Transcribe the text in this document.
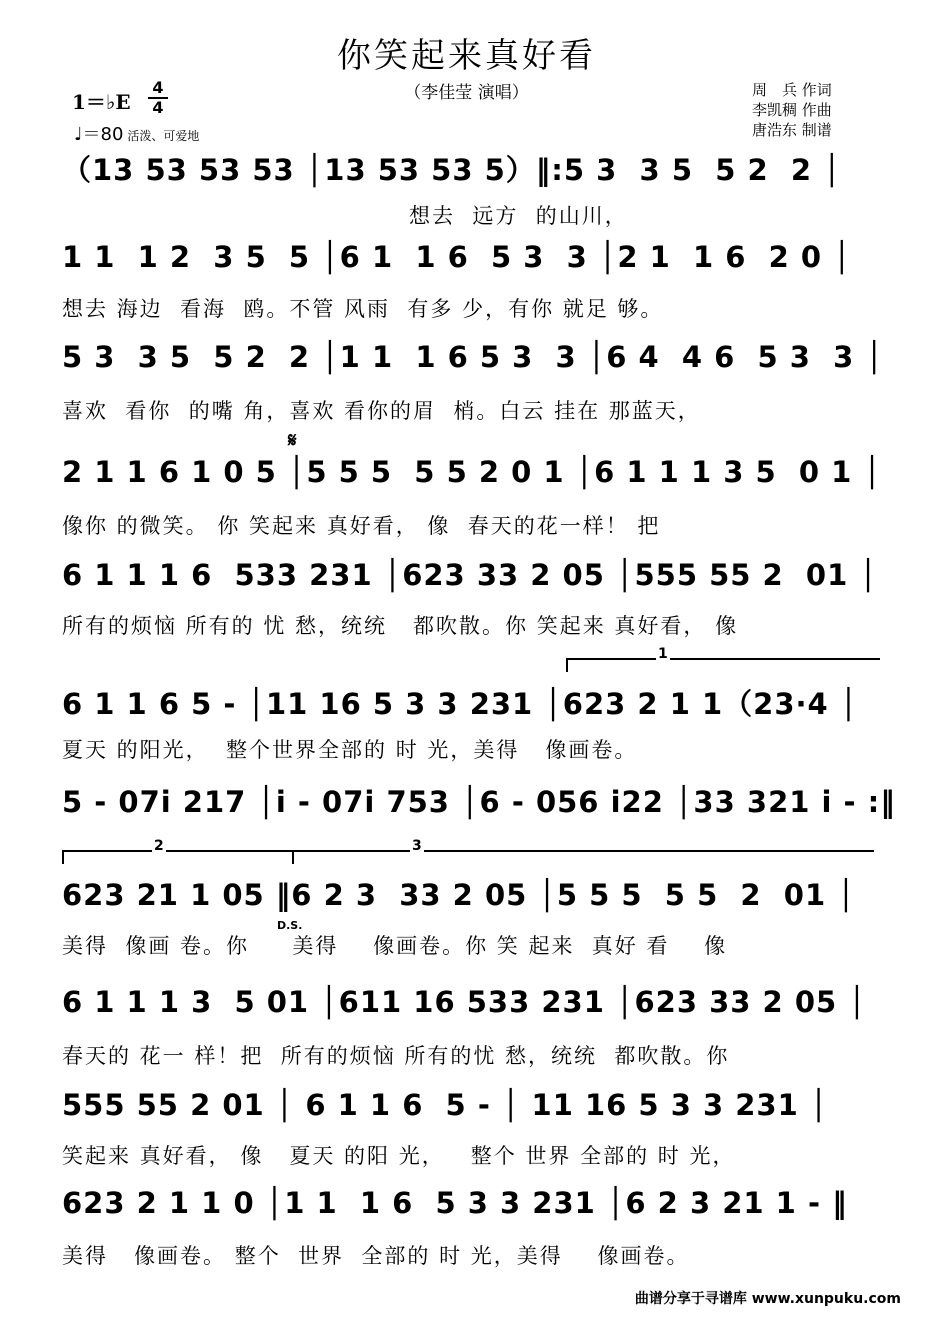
你笑起来真好看
（李佳莹 演唱）
1＝♭E
4
4
♩＝80 活泼、可爱地
周　兵 作词
李凯稠 作曲
唐浩东 制谱
（13 53 53 53 │13 53 53 5）‖:5 3  3 5  5 2  2 │
想去  远方  的山川，
1 1  1 2  3 5  5 │6 1  1 6  5 3  3 │2 1  1 6  2 0 │
想去 海边  看海  鸥。不管 风雨  有多 少，有你 就足 够。
5 3  3 5  5 2  2 │1 1  1 6 5 3  3 │6 4  4 6  5 3  3 │
喜欢  看你  的嘴 角，喜欢 看你的眉  梢。白云 挂在 那蓝天，
𝄋
2 1 1 6 1 0 5 │5 5 5  5 5 2 0 1 │6 1 1 1 3 5  0 1 │
像你 的微笑。 你 笑起来 真好看， 像  春天的花一样！ 把
6 1 1 1 6  533 231 │623 33 2 05 │555 55 2  01 │
所有的烦恼 所有的 忧 愁，统统   都吹散。你 笑起来 真好看， 像
1
6 1 1 6 5 - │11 16 5 3 3 231 │623 2 1 1（23·4 │
夏天 的阳光，  整个世界全部的 时 光，美得   像画卷。
5 - 07i 217 │i - 07i 753 │6 - 056 i22 │33 321 i - :‖
2	3
623 21 1 05 ‖6 2 3  33 2 05 │5 5 5  5 5  2  01 │
D.S.
美得  像画 卷。你     美得    像画卷。你 笑 起来  真好 看    像
6 1 1 1 3  5 01 │611 16 533 231 │623 33 2 05 │
春天的 花一 样！把  所有的烦恼 所有的忧 愁，统统  都吹散。你
555 55 2 01 │ 6 1 1 6  5 - │ 11 16 5 3 3 231 │
笑起来 真好看， 像   夏天 的阳 光，   整个 世界 全部的 时 光，
623 2 1 1 0 │1 1  1 6  5 3 3 231 │6 2 3 21 1 - ‖
美得   像画卷。 整个  世界  全部的 时 光，美得    像画卷。
曲谱分享于寻谱库 www.xunpuku.com
